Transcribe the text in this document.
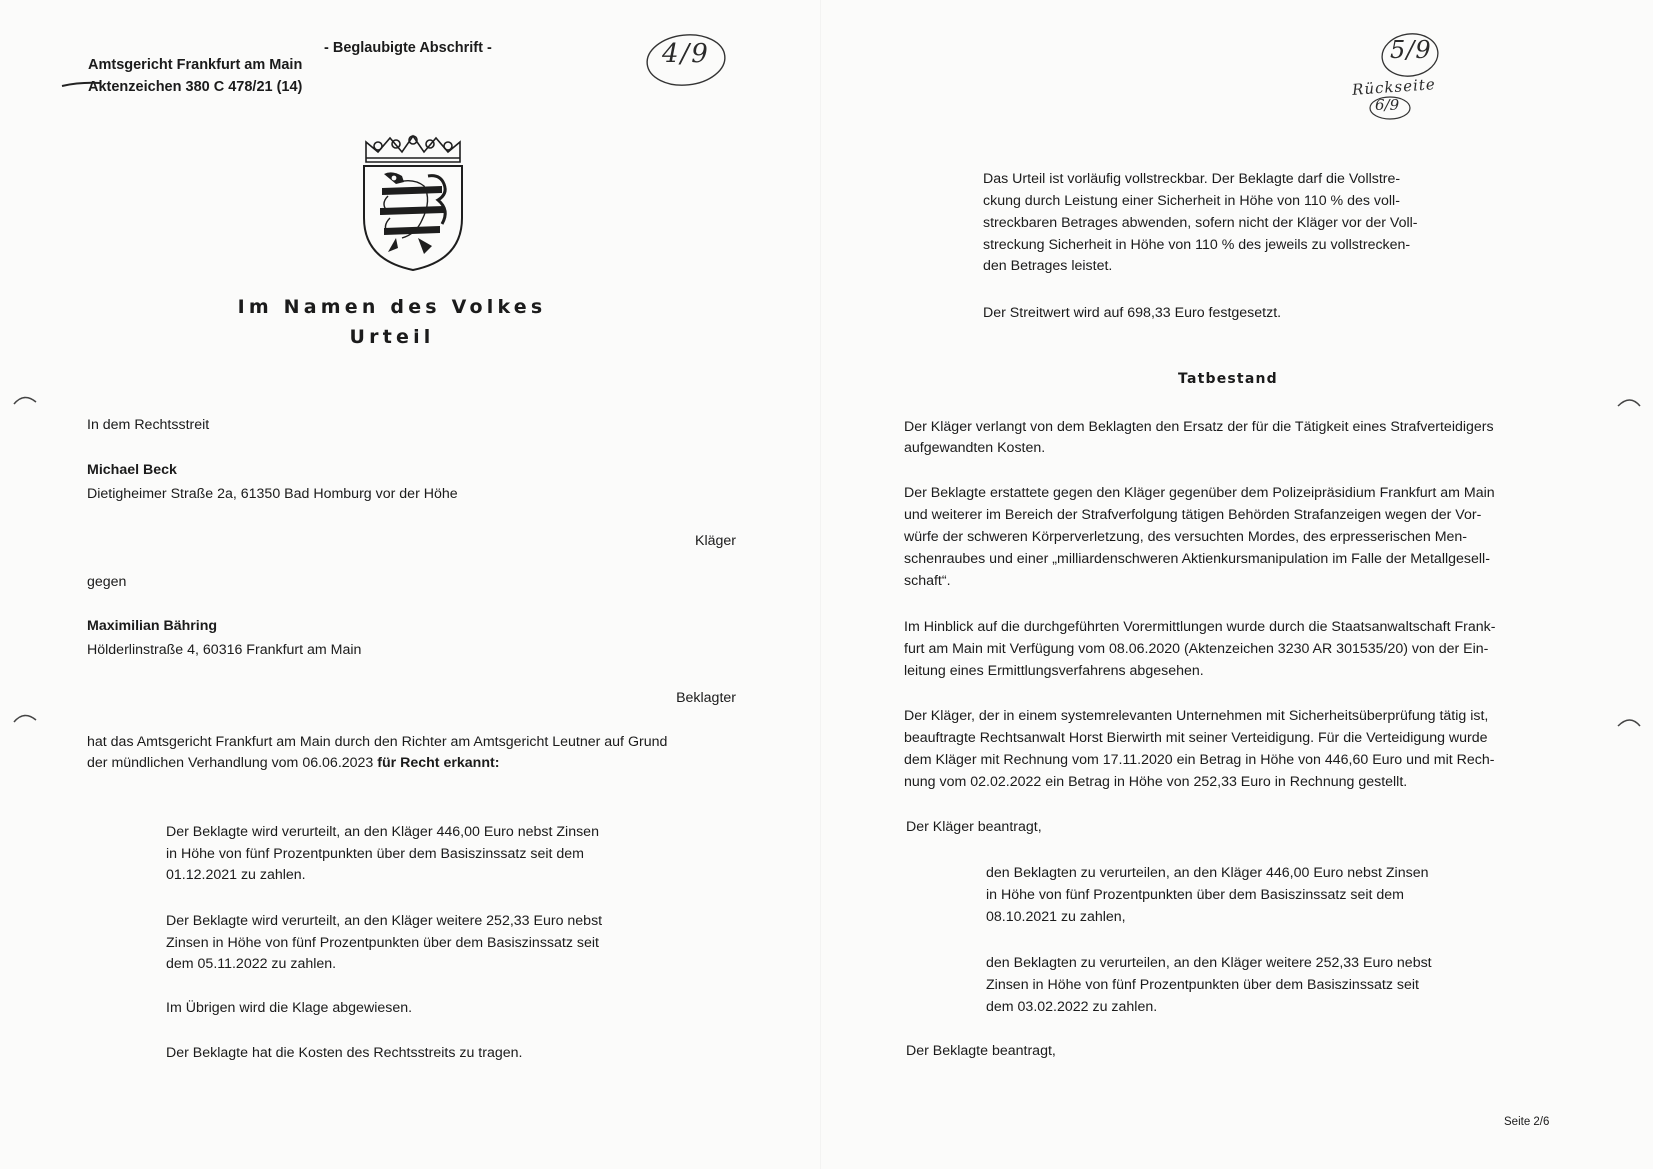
- Beglaubigte Abschrift -

Amtsgericht Frankfurt am Main

Aktenzeichen 380 C 478/21 (14)

4/9

Im Namen des Volkes

Urteil

In dem Rechtsstreit

Michael Beck

Dietigheimer Straße 2a, 61350 Bad Homburg vor der Höhe

Kläger

gegen

Maximilian Bähring

Hölderlinstraße 4, 60316 Frankfurt am Main

Beklagter

hat das Amtsgericht Frankfurt am Main durch den Richter am Amtsgericht Leutner auf Grund

der mündlichen Verhandlung vom 06.06.2023 für Recht erkannt:

Der Beklagte wird verurteilt, an den Kläger 446,00 Euro nebst Zinsen

in Höhe von fünf Prozentpunkten über dem Basiszinssatz seit dem

01.12.2021 zu zahlen.

Der Beklagte wird verurteilt, an den Kläger weitere 252,33 Euro nebst

Zinsen in Höhe von fünf Prozentpunkten über dem Basiszinssatz seit

dem 05.11.2022 zu zahlen.

Im Übrigen wird die Klage abgewiesen.

Der Beklagte hat die Kosten des Rechtsstreits zu tragen.

5/9

Rückseite

6/9

Das Urteil ist vorläufig vollstreckbar. Der Beklagte darf die Vollstre-

ckung durch Leistung einer Sicherheit in Höhe von 110 % des voll-

streckbaren Betrages abwenden, sofern nicht der Kläger vor der Voll-

streckung Sicherheit in Höhe von 110 % des jeweils zu vollstrecken-

den Betrages leistet.

Der Streitwert wird auf 698,33 Euro festgesetzt.

Tatbestand

Der Kläger verlangt von dem Beklagten den Ersatz der für die Tätigkeit eines Strafverteidigers

aufgewandten Kosten.

Der Beklagte erstattete gegen den Kläger gegenüber dem Polizeipräsidium Frankfurt am Main

und weiterer im Bereich der Strafverfolgung tätigen Behörden Strafanzeigen wegen der Vor-

würfe der schweren Körperverletzung, des versuchten Mordes, des erpresserischen Men-

schenraubes und einer „milliardenschweren Aktienkursmanipulation im Falle der Metallgesell-

schaft“.

Im Hinblick auf die durchgeführten Vorermittlungen wurde durch die Staatsanwaltschaft Frank-

furt am Main mit Verfügung vom 08.06.2020 (Aktenzeichen 3230 AR 301535/20) von der Ein-

leitung eines Ermittlungsverfahrens abgesehen.

Der Kläger, der in einem systemrelevanten Unternehmen mit Sicherheitsüberprüfung tätig ist,

beauftragte Rechtsanwalt Horst Bierwirth mit seiner Verteidigung. Für die Verteidigung wurde

dem Kläger mit Rechnung vom 17.11.2020 ein Betrag in Höhe von 446,60 Euro und mit Rech-

nung vom 02.02.2022 ein Betrag in Höhe von 252,33 Euro in Rechnung gestellt.

Der Kläger beantragt,

den Beklagten zu verurteilen, an den Kläger 446,00 Euro nebst Zinsen

in Höhe von fünf Prozentpunkten über dem Basiszinssatz seit dem

08.10.2021 zu zahlen,

den Beklagten zu verurteilen, an den Kläger weitere 252,33 Euro nebst

Zinsen in Höhe von fünf Prozentpunkten über dem Basiszinssatz seit

dem 03.02.2022 zu zahlen.

Der Beklagte beantragt,

Seite 2/6
